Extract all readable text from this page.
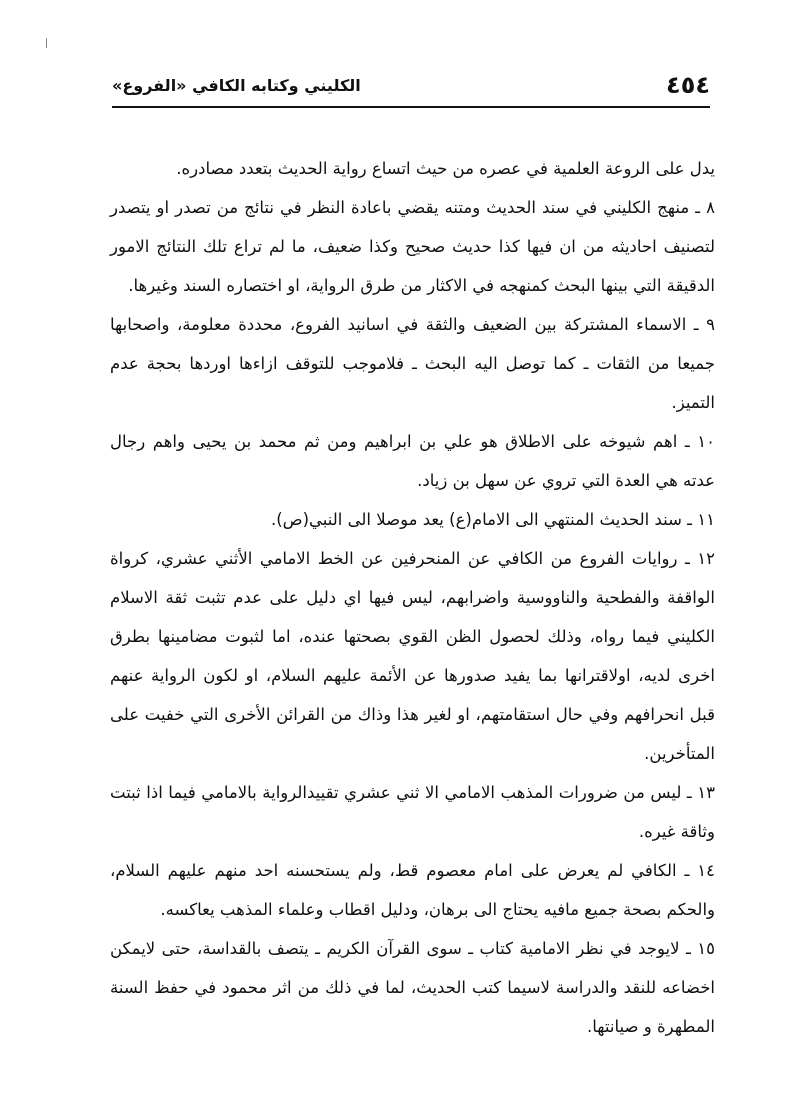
٤٥٤
الكليني وكتابه الكافي «الفروع»

يدل على الروعة العلمية في عصره من حيث اتساع رواية الحديث بتعدد مصادره.

٨ ـ منهج الكليني في سند الحديث ومتنه يقضي باعادة النظر في نتائج من تصدر او يتصدر لتصنيف احاديثه من ان فيها كذا حديث صحيح وكذا ضعيف، ما لم تراع تلك النتائج الامور الدقيقة التي بينها البحث كمنهجه في الاكثار من طرق الرواية، او اختصاره السند وغيرها.

٩ ـ الاسماء المشتركة بين الضعيف والثقة في اسانيد الفروع، محددة معلومة، واصحابها جميعا من الثقات ـ كما توصل اليه البحث ـ فلاموجب للتوقف ازاءها اوردها بحجة عدم التميز.

١٠ ـ اهم شيوخه على الاطلاق هو علي بن ابراهيم ومن ثم محمد بن يحيى واهم رجال عدته هي العدة التي تروي عن سهل بن زياد.

١١ ـ سند الحديث المنتهي الى الامام(ع) يعد موصلا الى النبي(ص).

١٢ ـ روايات الفروع من الكافي عن المنحرفين عن الخط الامامي الأثني عشري، كرواة الواقفة والفطحية والناووسية واضرابهم، ليس فيها اي دليل على عدم تثبت ثقة الاسلام الكليني فيما رواه، وذلك لحصول الظن القوي بصحتها عنده، اما لثبوت مضامينها بطرق اخرى لديه، اولاقترانها بما يفيد صدورها عن الأئمة عليهم السلام، او لكون الرواية عنهم قبل انحرافهم وفي حال استقامتهم، او لغير هذا وذاك من القرائن الأخرى التي خفيت على المتأخرين.

١٣ ـ ليس من ضرورات المذهب الامامي الا ثني عشري تقييدالرواية بالامامي فيما اذا ثبتت وثاقة غيره.

١٤ ـ الكافي لم يعرض على امام معصوم قط، ولم يستحسنه احد منهم عليهم السلام، والحكم بصحة جميع مافيه يحتاج الى برهان، ودليل اقطاب وعلماء المذهب يعاكسه.

١٥ ـ لايوجد في نظر الامامية كتاب ـ سوى القرآن الكريم ـ يتصف بالقداسة، حتى لايمكن اخضاعه للنقد والدراسة لاسيما كتب الحديث، لما في ذلك من اثر محمود في حفظ السنة المطهرة و صيانتها.
